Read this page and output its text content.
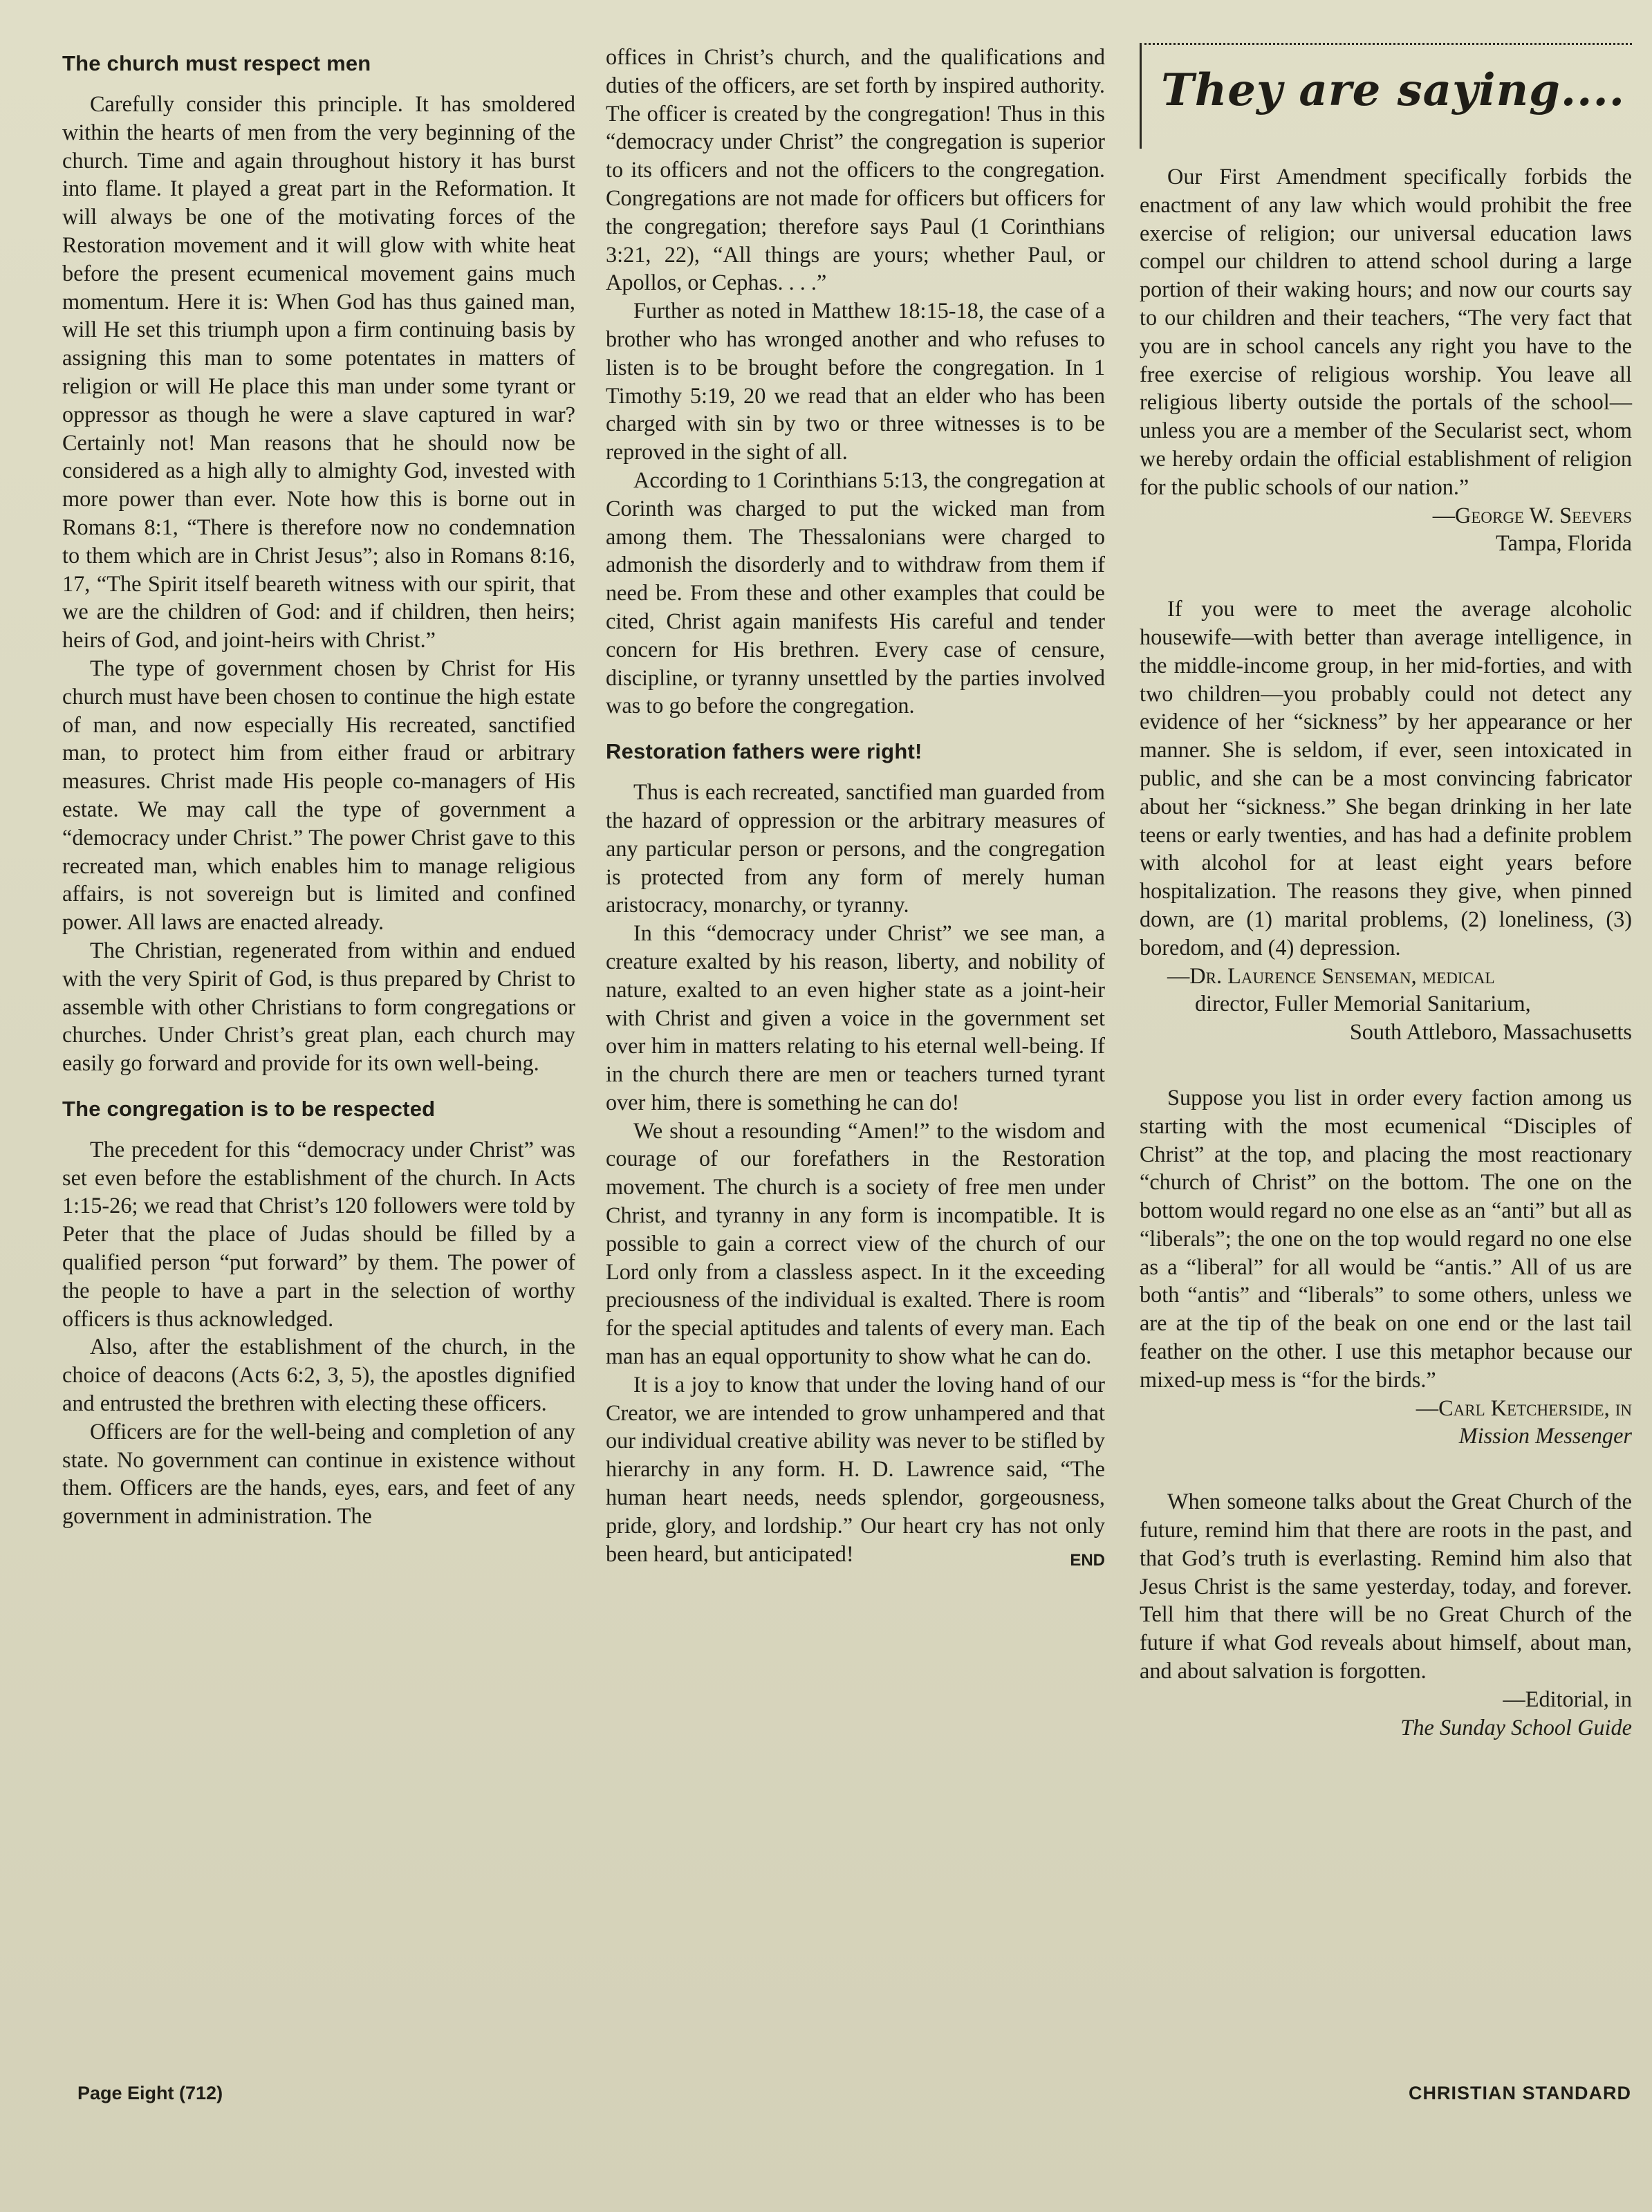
The church must respect men

Carefully consider this principle. It has smoldered within the hearts of men from the very beginning of the church. Time and again throughout history it has burst into flame. It played a great part in the Reformation. It will always be one of the motivating forces of the Restoration movement and it will glow with white heat before the present ecumenical movement gains much momentum. Here it is: When God has thus gained man, will He set this triumph upon a firm continuing basis by assigning this man to some potentates in matters of religion or will He place this man under some tyrant or oppressor as though he were a slave captured in war? Certainly not! Man reasons that he should now be considered as a high ally to almighty God, invested with more power than ever. Note how this is borne out in Romans 8:1, “There is therefore now no condemnation to them which are in Christ Jesus”; also in Romans 8:16, 17, “The Spirit itself beareth witness with our spirit, that we are the children of God: and if children, then heirs; heirs of God, and joint-heirs with Christ.”

The type of government chosen by Christ for His church must have been chosen to continue the high estate of man, and now especially His recreated, sanctified man, to protect him from either fraud or arbitrary measures. Christ made His people co-managers of His estate. We may call the type of government a “democracy under Christ.” The power Christ gave to this recreated man, which enables him to manage religious affairs, is not sovereign but is limited and confined power. All laws are enacted already.

The Christian, regenerated from within and endued with the very Spirit of God, is thus prepared by Christ to assemble with other Christians to form congregations or churches. Under Christ’s great plan, each church may easily go forward and provide for its own well-being.

The congregation is to be respected

The precedent for this “democracy under Christ” was set even before the establishment of the church. In Acts 1:15-26; we read that Christ’s 120 followers were told by Peter that the place of Judas should be filled by a qualified person “put forward” by them. The power of the people to have a part in the selection of worthy officers is thus acknowledged.

Also, after the establishment of the church, in the choice of deacons (Acts 6:2, 3, 5), the apostles dignified and entrusted the brethren with electing these officers.

Officers are for the well-being and completion of any state. No government can continue in existence without them. Officers are the hands, eyes, ears, and feet of any government in administration. The

offices in Christ’s church, and the qualifications and duties of the officers, are set forth by inspired authority. The officer is created by the congregation! Thus in this “democracy under Christ” the congregation is superior to its officers and not the officers to the congregation. Congregations are not made for officers but officers for the congregation; therefore says Paul (1 Corinthians 3:21, 22), “All things are yours; whether Paul, or Apollos, or Cephas. . . .”

Further as noted in Matthew 18:15-18, the case of a brother who has wronged another and who refuses to listen is to be brought before the congregation. In 1 Timothy 5:19, 20 we read that an elder who has been charged with sin by two or three witnesses is to be reproved in the sight of all.

According to 1 Corinthians 5:13, the congregation at Corinth was charged to put the wicked man from among them. The Thessalonians were charged to admonish the disorderly and to withdraw from them if need be. From these and other examples that could be cited, Christ again manifests His careful and tender concern for His brethren. Every case of censure, discipline, or tyranny unsettled by the parties involved was to go before the congregation.

Restoration fathers were right!

Thus is each recreated, sanctified man guarded from the hazard of oppression or the arbitrary measures of any particular person or persons, and the congregation is protected from any form of merely human aristocracy, monarchy, or tyranny.

In this “democracy under Christ” we see man, a creature exalted by his reason, liberty, and nobility of nature, exalted to an even higher state as a joint-heir with Christ and given a voice in the government set over him in matters relating to his eternal well-being. If in the church there are men or teachers turned tyrant over him, there is something he can do!

We shout a resounding “Amen!” to the wisdom and courage of our forefathers in the Restoration movement. The church is a society of free men under Christ, and tyranny in any form is incompatible. It is possible to gain a correct view of the church of our Lord only from a classless aspect. In it the exceeding preciousness of the individual is exalted. There is room for the special aptitudes and talents of every man. Each man has an equal opportunity to show what he can do.

It is a joy to know that under the loving hand of our Creator, we are intended to grow unhampered and that our individual creative ability was never to be stifled by hierarchy in any form. H. D. Lawrence said, “The human heart needs, needs splendor, gorgeousness, pride, glory, and lordship.” Our heart cry has not only been heard, but anticipated!	END

They are saying....

Our First Amendment specifically forbids the enactment of any law which would prohibit the free exercise of religion; our universal education laws compel our children to attend school during a large portion of their waking hours; and now our courts say to our children and their teachers, “The very fact that you are in school cancels any right you have to the free exercise of religious worship. You leave all religious liberty outside the portals of the school—unless you are a member of the Secularist sect, whom we hereby ordain the official establishment of religion for the public schools of our nation.”

—George W. Seevers

Tampa, Florida

If you were to meet the average alcoholic housewife—with better than average intelligence, in the middle-income group, in her mid-forties, and with two children—you probably could not detect any evidence of her “sickness” by her appearance or her manner. She is seldom, if ever, seen intoxicated in public, and she can be a most convincing fabricator about her “sickness.” She began drinking in her late teens or early twenties, and has had a definite problem with alcohol for at least eight years before hospitalization. The reasons they give, when pinned down, are (1) marital problems, (2) loneliness, (3) boredom, and (4) depression.

—Dr. Laurence Senseman, medical

director, Fuller Memorial Sanitarium,

South Attleboro, Massachusetts

Suppose you list in order every faction among us starting with the most ecumenical “Disciples of Christ” at the top, and placing the most reactionary “church of Christ” on the bottom. The one on the bottom would regard no one else as an “anti” but all as “liberals”; the one on the top would regard no one else as a “liberal” for all would be “antis.” All of us are both “antis” and “liberals” to some others, unless we are at the tip of the beak on one end or the last tail feather on the other. I use this metaphor because our mixed-up mess is “for the birds.”

—Carl Ketcherside, in

Mission Messenger

When someone talks about the Great Church of the future, remind him that there are roots in the past, and that God’s truth is everlasting. Remind him also that Jesus Christ is the same yesterday, today, and forever. Tell him that there will be no Great Church of the future if what God reveals about himself, about man, and about salvation is forgotten.

—Editorial, in

The Sunday School Guide

Page Eight (712)	CHRISTIAN STANDARD
